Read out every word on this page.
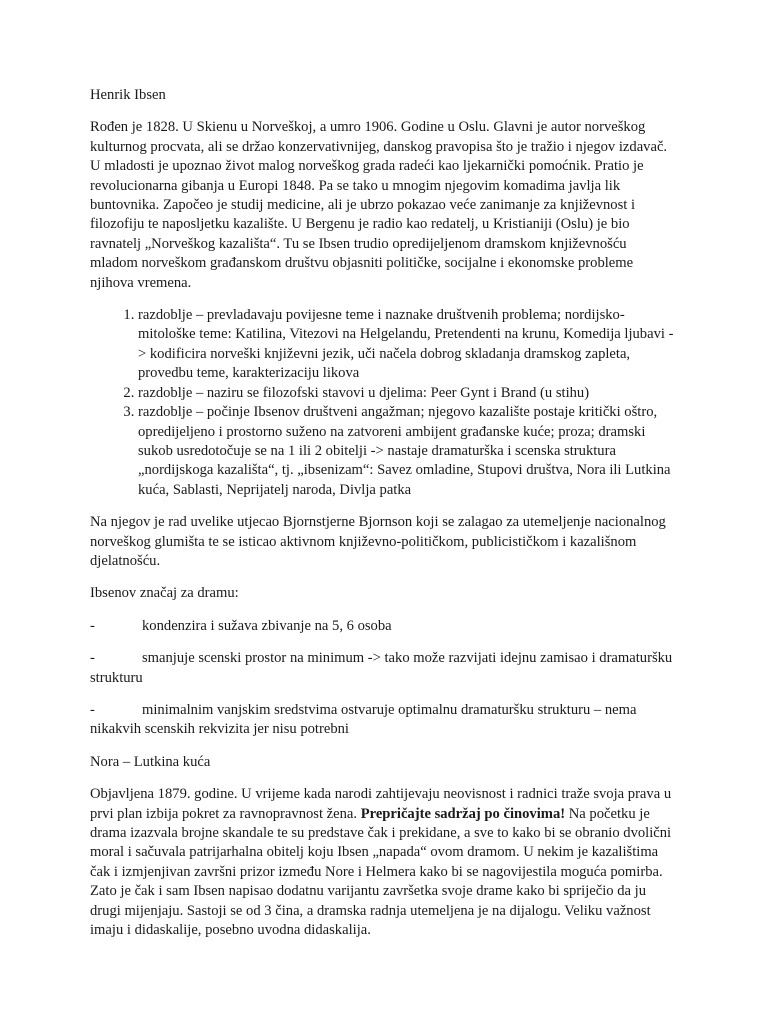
Henrik Ibsen

Rođen je 1828. U Skienu u Norveškoj, a umro 1906. Godine u Oslu. Glavni je autor norveškog kulturnog procvata, ali se držao konzervativnijeg, danskog pravopisa što je tražio i njegov izdavač. U mladosti je upoznao život malog norveškog grada radeći kao ljekarnički pomoćnik. Pratio je revolucionarna gibanja u Europi 1848. Pa se tako u mnogim njegovim komadima javlja lik buntovnika. Započeo je studij medicine, ali je ubrzo pokazao veće zanimanje za književnost i filozofiju te naposljetku kazalište. U Bergenu je radio kao redatelj, u Kristianiji (Oslu) je bio ravnatelj „Norveškog kazališta“. Tu se Ibsen trudio opredijeljenom dramskom književnošću mladom norveškom građanskom društvu objasniti političke, socijalne i ekonomske probleme njihova vremena.

1. razdoblje – prevladavaju povijesne teme i naznake društvenih problema; nordijsko-mitološke teme: Katilina, Vitezovi na Helgelandu, Pretendenti na krunu, Komedija ljubavi -> kodificira norveški književni jezik, uči načela dobrog skladanja dramskog zapleta, provedbu teme, karakterizaciju likova
2. razdoblje – naziru se filozofski stavovi u djelima: Peer Gynt i Brand (u stihu)
3. razdoblje – počinje Ibsenov društveni angažman; njegovo kazalište postaje kritički oštro, opredijeljeno i prostorno suženo na zatvoreni ambijent građanske kuće; proza; dramski sukob usredotočuje se na 1 ili 2 obitelji -> nastaje dramaturška i scenska struktura „nordijskoga kazališta“, tj. „ibsenizam“: Savez omladine, Stupovi društva, Nora ili Lutkina kuća, Sablasti, Neprijatelj naroda, Divlja patka

Na njegov je rad uvelike utjecao Bjornstjerne Bjornson koji se zalagao za utemeljenje nacionalnog norveškog glumišta te se isticao aktivnom književno-političkom, publicističkom i kazališnom djelatnošću.

Ibsenov značaj za dramu:

-	kondenzira i sužava zbivanje na 5, 6 osoba
-	smanjuje scenski prostor na minimum -> tako može razvijati idejnu zamisao i dramaturšku strukturu
-	minimalnim vanjskim sredstvima ostvaruje optimalnu dramaturšku strukturu – nema nikakvih scenskih rekvizita jer nisu potrebni

Nora – Lutkina kuća

Objavljena 1879. godine. U vrijeme kada narodi zahtijevaju neovisnost i radnici traže svoja prava u prvi plan izbija pokret za ravnopravnost žena. Prepričajte sadržaj po činovima! Na početku je drama izazvala brojne skandale te su predstave čak i prekidane, a sve to kako bi se obranio dvolični moral i sačuvala patrijarhalna obitelj koju Ibsen „napada“ ovom dramom. U nekim je kazalištima čak i izmjenjivan završni prizor između Nore i Helmera kako bi se nagovijestila moguća pomirba. Zato je čak i sam Ibsen napisao dodatnu varijantu završetka svoje drame kako bi spriječio da ju drugi mijenjaju. Sastoji se od 3 čina, a dramska radnja utemeljena je na dijalogu. Veliku važnost imaju i didaskalije, posebno uvodna didaskalija.
